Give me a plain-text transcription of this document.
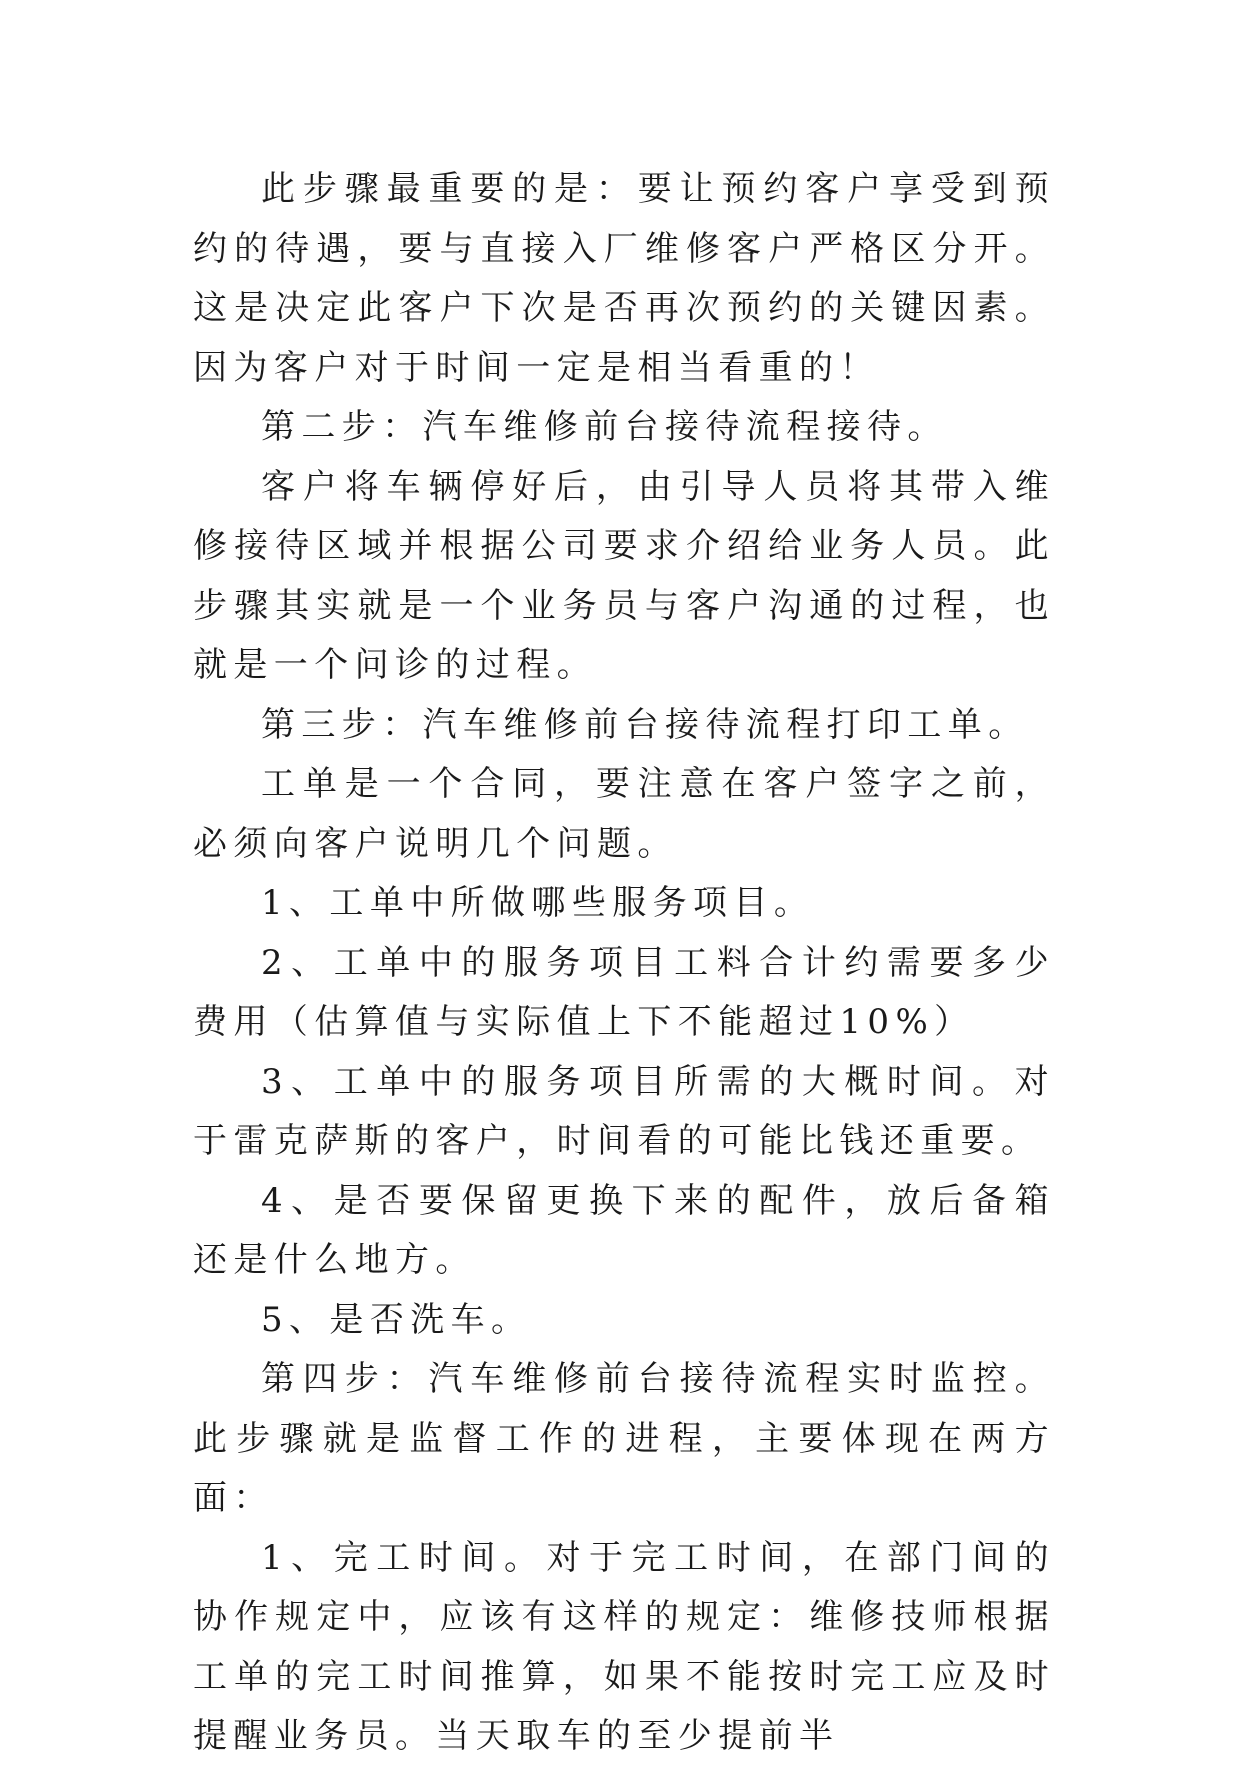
此步骤最重要的是：要让预约客户享受到预约的待遇，要与直接入厂维修客户严格区分开。这是决定此客户下次是否再次预约的关键因素。因为客户对于时间一定是相当看重的！

第二步：汽车维修前台接待流程接待。

客户将车辆停好后，由引导人员将其带入维修接待区域并根据公司要求介绍给业务人员。此步骤其实就是一个业务员与客户沟通的过程，也就是一个问诊的过程。

第三步：汽车维修前台接待流程打印工单。

工单是一个合同，要注意在客户签字之前，必须向客户说明几个问题。

1、工单中所做哪些服务项目。

2、工单中的服务项目工料合计约需要多少费用（估算值与实际值上下不能超过10%）

3、工单中的服务项目所需的大概时间。对于雷克萨斯的客户，时间看的可能比钱还重要。

4、是否要保留更换下来的配件，放后备箱还是什么地方。

5、是否洗车。

第四步：汽车维修前台接待流程实时监控。此步骤就是监督工作的进程，主要体现在两方面：

1、完工时间。对于完工时间，在部门间的协作规定中，应该有这样的规定：维修技师根据工单的完工时间推算，如果不能按时完工应及时提醒业务员。当天取车的至少提前半
